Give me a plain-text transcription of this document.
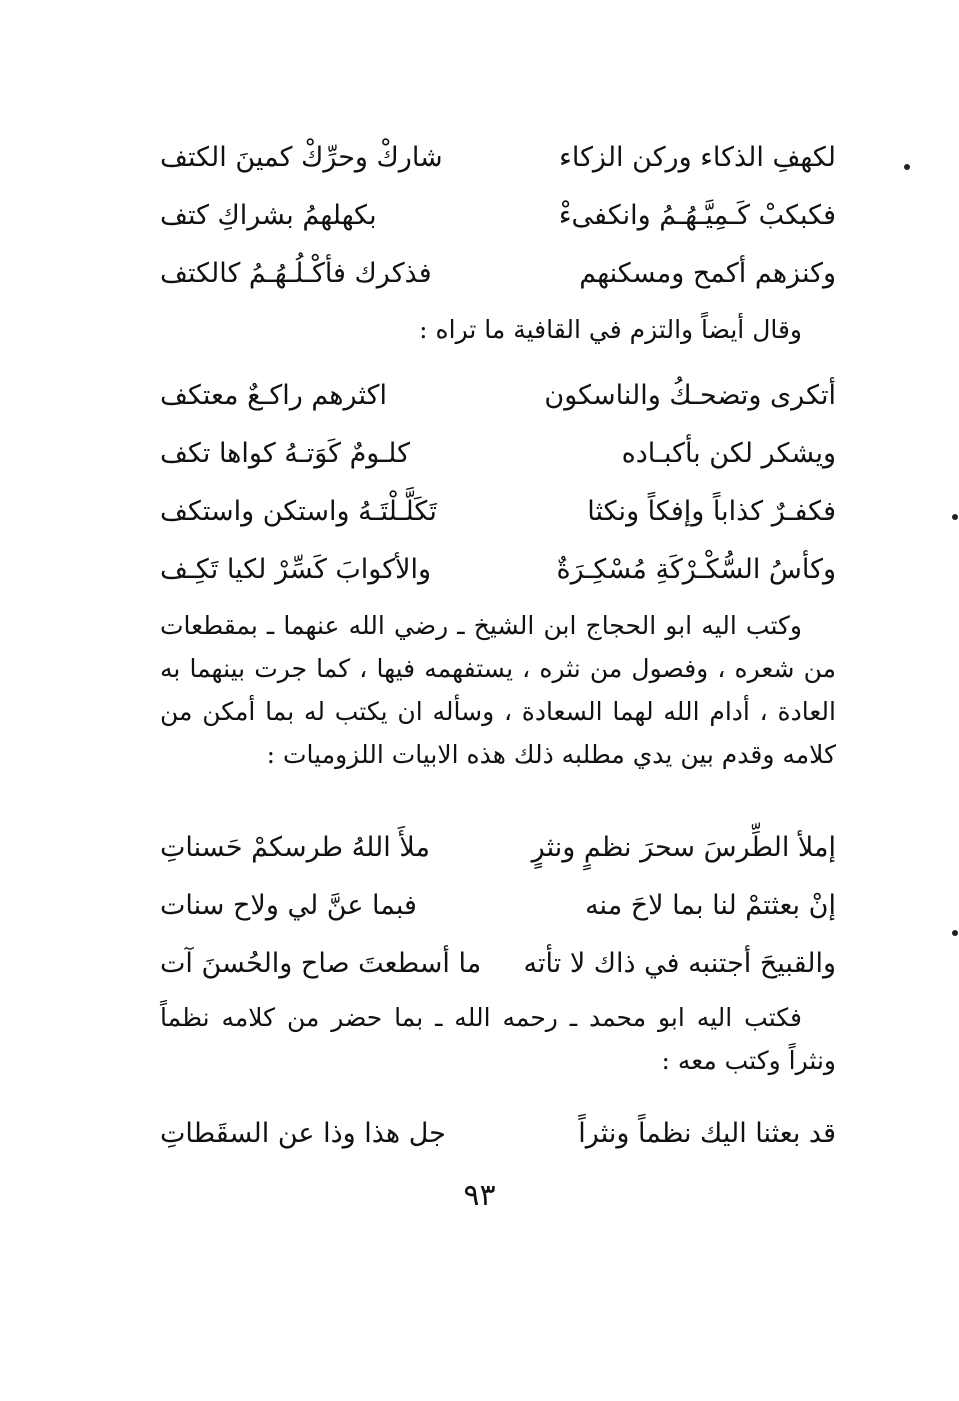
لكهفِ الذكاء وركن الزكاء
شاركْ وحرِّكْ كمينَ الكتف
فكبكبْ كَـمِيَّـهُـمُ وانكفىءْ
بكهلهمُ بشراكِ كتف
وكنزهم أكمح ومسكنهم
فذكرك فأكْـلُـهُـمُ كالكتف

وقال أيضاً والتزم في القافية ما تراه :

أتكرى وتضحـكُ والناسكون
اكثرهم راكـعٌ معتكف
ويشكر لكن بأكبـاده
كلـومٌ كَوَتـهُ كواها تكف
فكفـرٌ كذاباً وإفكاً ونكثا
تَكَلَّـلْتَـهُ واستكن واستكف
وكأسُ السُّكْـرْكَةِ مُسْكِـرَةٌ
والأكوابَ كَسِّرْ لكيا تَكِـف

وكتب اليه ابو الحجاج ابن الشيخ ـ رضي الله عنهما ـ بمقطعات من شعره ، وفصول من نثره ، يستفهمه فيها ، كما جرت بينهما به العادة ، أدام الله لهما السعادة ، وسأله ان يكتب له بما أمكن من كلامه وقدم بين يدي مطلبه ذلك هذه الابيات اللزوميات :

إملأ الطِّرسَ سحرَ نظمٍ ونثرٍ
ملأَ اللهُ طرسكمْ حَسناتِ
إنْ بعثتمْ لنا بما لاحَ منه
فبما عنَّ لي ولاح سنات
والقبيحَ أجتنبه في ذاك لا تأته
ما أسطعتَ صاح والحُسنَ آت

فكتب اليه ابو محمد ـ رحمه الله ـ بما حضر من كلامه نظماً ونثراً وكتب معه :

قد بعثنا اليك نظماً ونثراً
جل هذا وذا عن السقَطاتِ
٩٣
